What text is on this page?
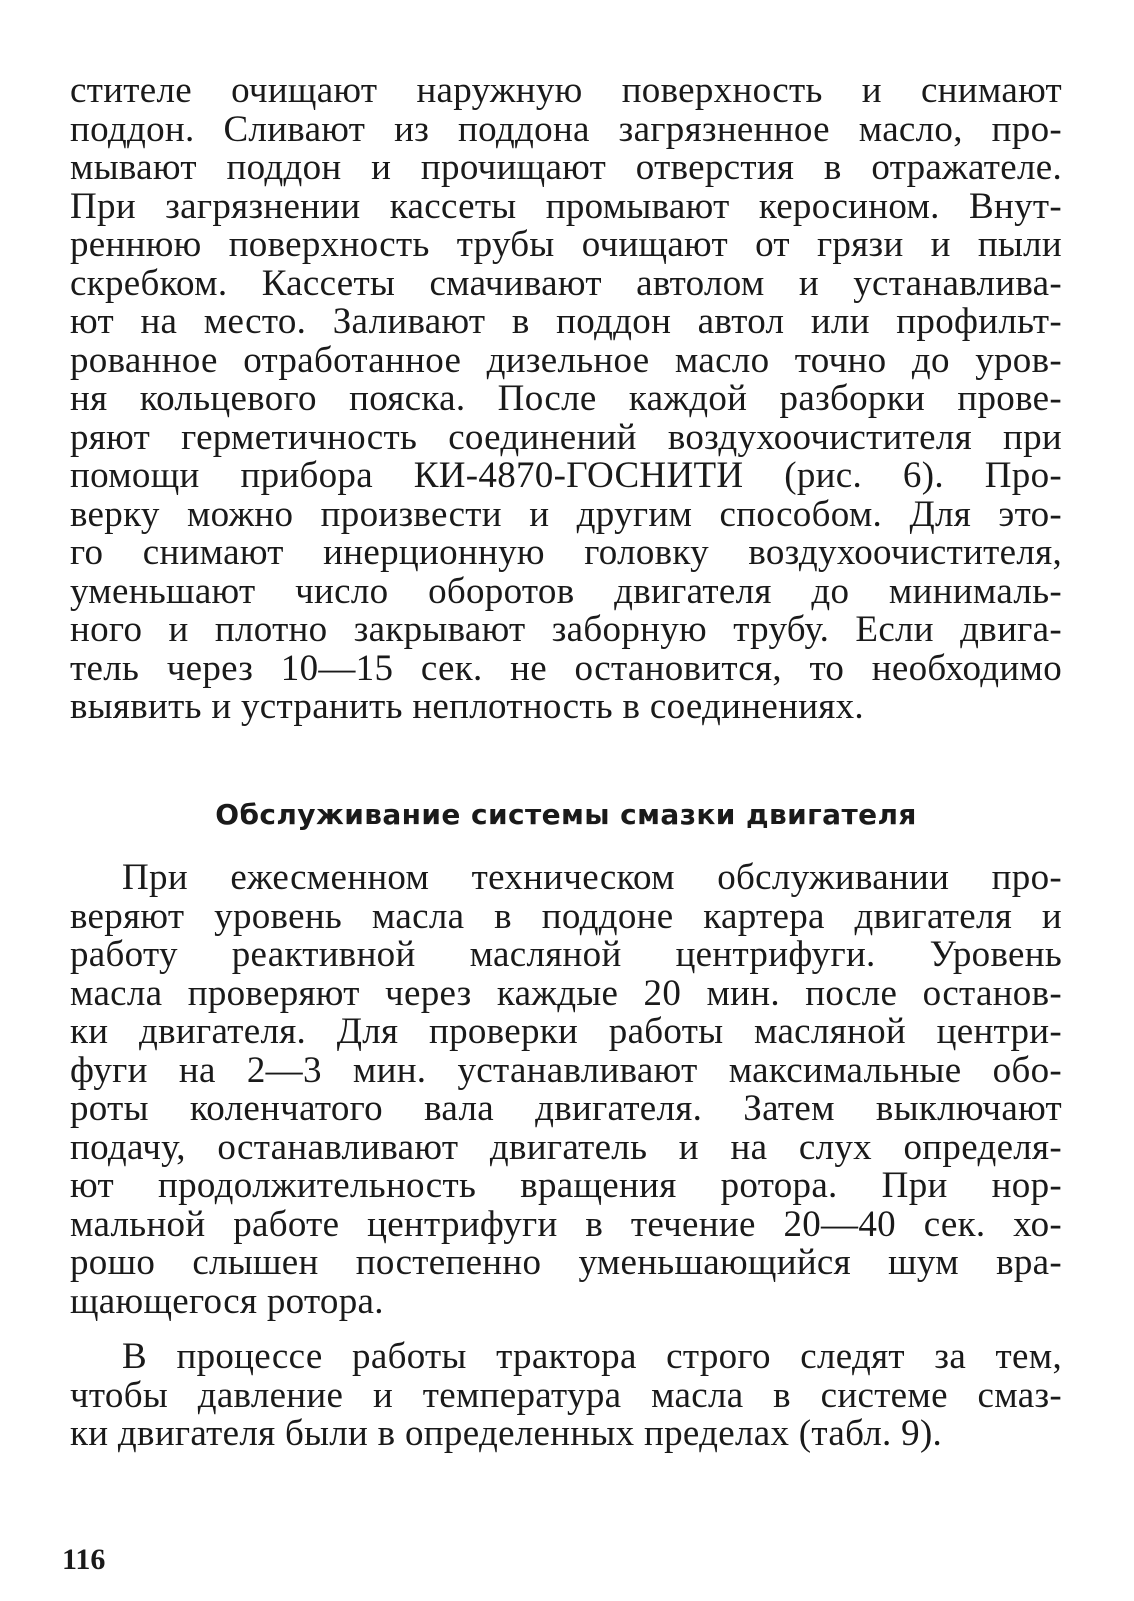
стителе очищают наружную поверхность и снимают
поддон. Сливают из поддона загрязненное масло, про-
мывают поддон и прочищают отверстия в отражателе.
При загрязнении кассеты промывают керосином. Внут-
реннюю поверхность трубы очищают от грязи и пыли
скребком. Кассеты смачивают автолом и устанавлива-
ют на место. Заливают в поддон автол или профильт-
рованное отработанное дизельное масло точно до уров-
ня кольцевого пояска. После каждой разборки прове-
ряют герметичность соединений воздухоочистителя при
помощи прибора КИ-4870-ГОСНИТИ (рис. 6). Про-
верку можно произвести и другим способом. Для это-
го снимают инерционную головку воздухоочистителя,
уменьшают число оборотов двигателя до минималь-
ного и плотно закрывают заборную трубу. Если двига-
тель через 10—15 сек. не остановится, то необходимо
выявить и устранить неплотность в соединениях.
Обслуживание системы смазки двигателя
При ежесменном техническом обслуживании про-
веряют уровень масла в поддоне картера двигателя и
работу реактивной масляной центрифуги. Уровень
масла проверяют через каждые 20 мин. после останов-
ки двигателя. Для проверки работы масляной центри-
фуги на 2—3 мин. устанавливают максимальные обо-
роты коленчатого вала двигателя. Затем выключают
подачу, останавливают двигатель и на слух определя-
ют продолжительность вращения ротора. При нор-
мальной работе центрифуги в течение 20—40 сек. хо-
рошо слышен постепенно уменьшающийся шум вра-
щающегося ротора.
В процессе работы трактора строго следят за тем,
чтобы давление и температура масла в системе смаз-
ки двигателя были в определенных пределах (табл. 9).
116
